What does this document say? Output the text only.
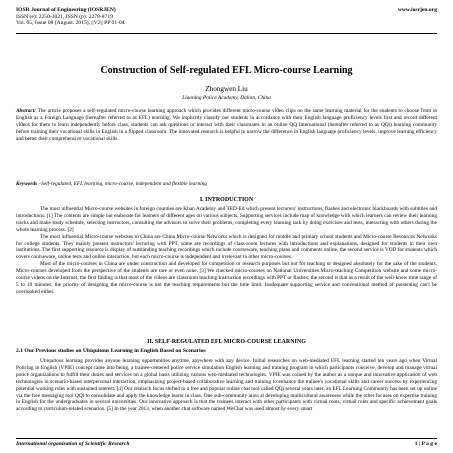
IOSR Journal of Engineering (IOSRJEN)
ISSN (e): 2250-3021, ISSN (p): 2278-8719
Vol. 05, Issue 08 (August. 2015), ||V2|| PP 01-04
www.iosrjen.org
Construction of Self-regulated EFL Micro-course Learning
Zhongwen Liu
Liaoning Police Academy, Dalian, China
Abstract: The article proposes a self-regulated micro-course learning approach which provides different micro-course video clips on the same learning material for the students to choose from in English as a Foreign Language (hereafter referred to as EFL) teaching. We implicitly classify our students in accordance with their English language proficiency levels first and record different videos for them to learn independently before class, students can ask questions or interact with their classmates in an online QQ International (hereafter referred to as QQi) learning community before training their vocational skills in English in a flipped classroom. The innovated research is helpful to narrow the difference in English language proficiency levels, improve learning efficiency and better their comprehensive vocational skills.
Keywords –Self-regulated, EFL learning, micro-course, independent and flexible learning
I. INTRODUCTION

The most influential Micro-course websites in foreign counties are Khan Academy and TED-Ed which present lecturers' instructions, flashes and electronic blackboards with subtitles and introductions. [1] The contents are simple but elaborate for learners of different ages on various subjects. Supporting services include map of knowledge with which learners can review their learning tracks and make study schedule, selecting instructors, consulting the advisors to solve their problems, completing every learning task by doing exercises and tests, interacting with others during the whole learning process. [2]

The most influential Micro-course websites in China are China Micro-course Networks which is designed for middle and primary school students and Micro-course Resources Networks for college students. They mainly present instructors' lecturing with PPT, some are recordings of class-room lectures with introductions and explanations, designed for students in their own institutions. The first supporting resource is display of outstanding teaching recordings which include courseware, teaching plans and comments online, the second service is VOD for students which covers courseware, online tests and online interaction, but each micro-course is independent and irrelevant to other micro-courses.

Most of the micro-courses in China are under construction and developed for competition or research purposes but not for teaching or designed absolutely for the sake of the students. Micro-courses developed from the perspective of the students are rare or even none. [3] We checked micro-courses on National Universities Micro-teaching Competition website and some micro-course videos on the Internet, the first finding is that most of the videos are classroom teaching instruction recordings with PPT or flashes, the second is that as a result of the well-know time range of 5 to 10 minutes, the priority of designing the micro-course is not the teaching requirements but the time limit. Inadequate supporting service and conventional method of presenting can't be overlooked either.

II. SELF-REGULATED EFL MICRO-COURSE LEARNING
2.1 Our Previous studies on Ubiquitous Learning in English Based on Scenarios

Ubiquitous learning provides anyone learning opportunities anytime, anywhere with any device. Initial researches on web-mediated EFL learning started ten years ago when Virtual Policing in English (VPIE) concept came into being, a trainee-centered police service simulation English learning and training program in which participants conceive, develop and manage virtual police organizations to fulfill their duties and services on a global basis utilizing various web-mediated technologies. VPIE was coined by the author as a unique and innovative application of web technologies in scenario-based interpersonal interaction, emphasizing project-based collaborative learning and training to enhance the trainee's vocational skills and career success by experiencing potential working roles with sustained interest. [4] Our research focus shifted to a free and popular online chat tool called QQi several years later, an EFL Learning Community has been set up online via the free messaging tool QQi to consolidate and apply the knowledge learnt in class. One sub-community aims at developing multicultural awareness while the other focuses on expertise training in English for the undergraduates in several universities. Our innovative approach is that the trainees interact with other participants with virtual roots, virtual roles and specific achievement goals according to curriculum-related scenarios. [5] In the year 2013, when another chat software named WeChat was used almost by every smart

International organization of Scientific Research	1 | P a g e
